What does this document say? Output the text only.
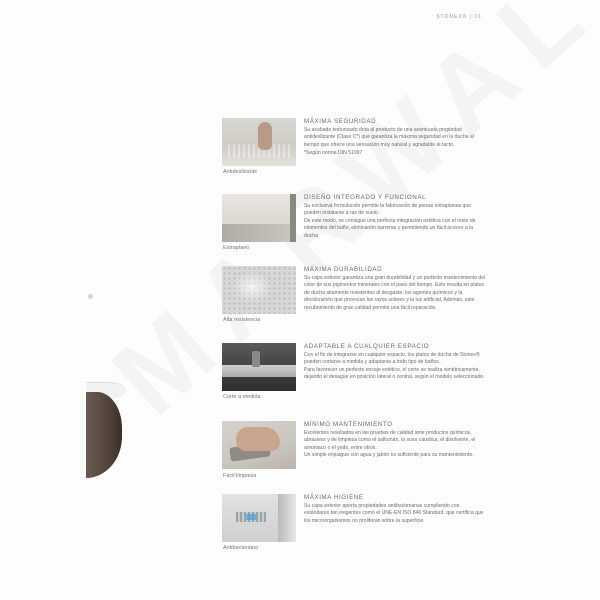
STONEX® | 01
Antideslizante
MÁXIMA SEGURIDAD

Su acabado texturizado dota al producto de una acentuada propiedad antideslizante (Clase C*) que garantiza la máxima seguridad en la ducha al tiempo que ofrece una sensación muy natural y agradable al tacto.

*Según norma DIN 51097

Extraplano
DISEÑO INTEGRADO Y FUNCIONAL

Su exclusiva formulación permite la fabricación de piezas extraplanas que pueden instalarse a ras de suelo.

De este modo, se consigue una perfecta integración estética con el resto de elementos del baño, eliminando barreras y permitiendo un fácil acceso a la ducha.

Alta resistencia
MÁXIMA DURABILIDAD

Su capa exterior garantiza una gran durabilidad y un perfecto mantenimiento del color de sus pigmentos minerales con el paso del tiempo. Esto resulta en platos de ducha altamente resistentes al desgaste, los agentes químicos y la decoloración que provocan los rayos solares y la luz artificial. Además, este recubrimiento de gran calidad permite una fácil reparación.

Corte a medida
ADAPTABLE A CUALQUIER ESPACIO

Con el fin de integrarse en cualquier espacio, los platos de ducha de Stonex® pueden cortarse a medida y adaptarse a todo tipo de baños.

Para favorecer un perfecto encaje estético, el corte se realiza simétricamente, dejando el desagüe en posición lateral o central, según el modelo seleccionado.

Fácil limpieza
MÍNIMO MANTENIMIENTO

Excelentes resultados en las pruebas de calidad ante productos químicos, abrasivos y de limpieza como el salfumán, la sosa cáustica, el disolvente, el amoniaco o el yodo, entre otros.

Un simple enjuague con agua y jabón es suficiente para su mantenimiento.

Antibacteriano
MÁXIMA HIGIENE

Su capa exterior aporta propiedades antibacterianas cumpliendo con estándares tan exigentes como el UNE-EN ISO 846 Standard, que certifica que los microorganismos no proliferan sobre la superficie.
